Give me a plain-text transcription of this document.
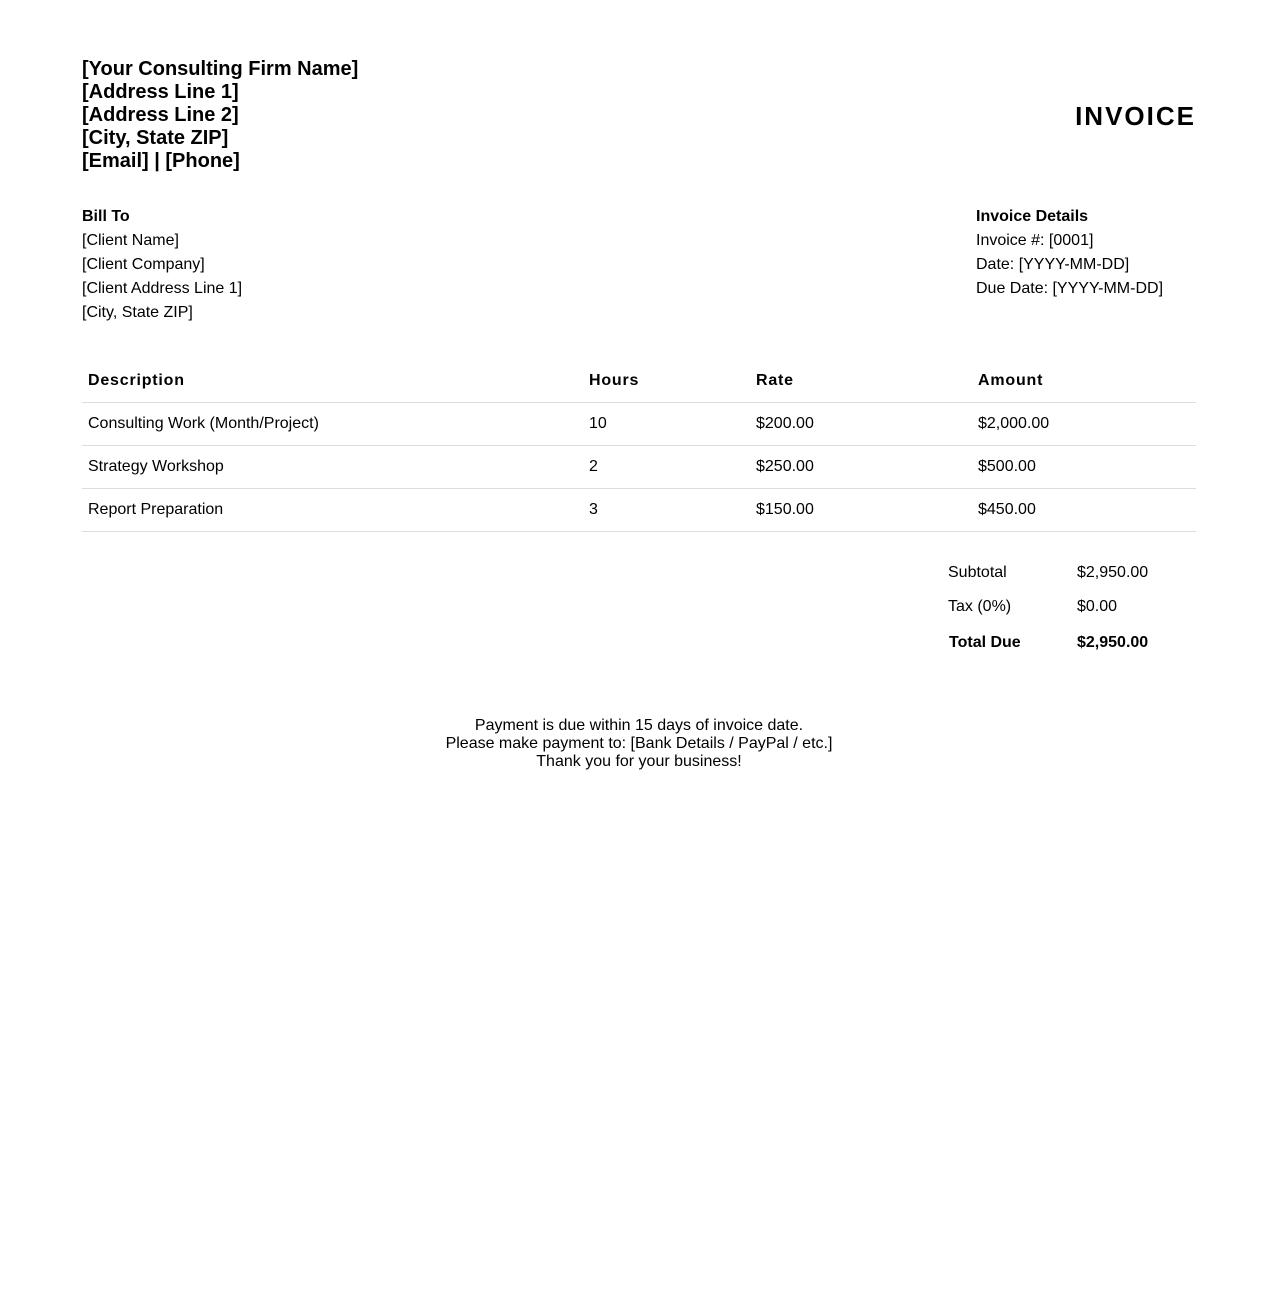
[Your Consulting Firm Name]
[Address Line 1]
[Address Line 2]
[City, State ZIP]
[Email] | [Phone]
INVOICE
Bill To
[Client Name]
[Client Company]
[Client Address Line 1]
[City, State ZIP]
Invoice Details
Invoice #: [0001]
Date: [YYYY-MM-DD]
Due Date: [YYYY-MM-DD]
Description	Hours	Rate	Amount
Consulting Work (Month/Project)	10	$200.00	$2,000.00
Strategy Workshop	2	$250.00	$500.00
Report Preparation	3	$150.00	$450.00
Subtotal	$2,950.00
Tax (0%)	$0.00
Total Due	$2,950.00
Payment is due within 15 days of invoice date.
Please make payment to: [Bank Details / PayPal / etc.]
Thank you for your business!
